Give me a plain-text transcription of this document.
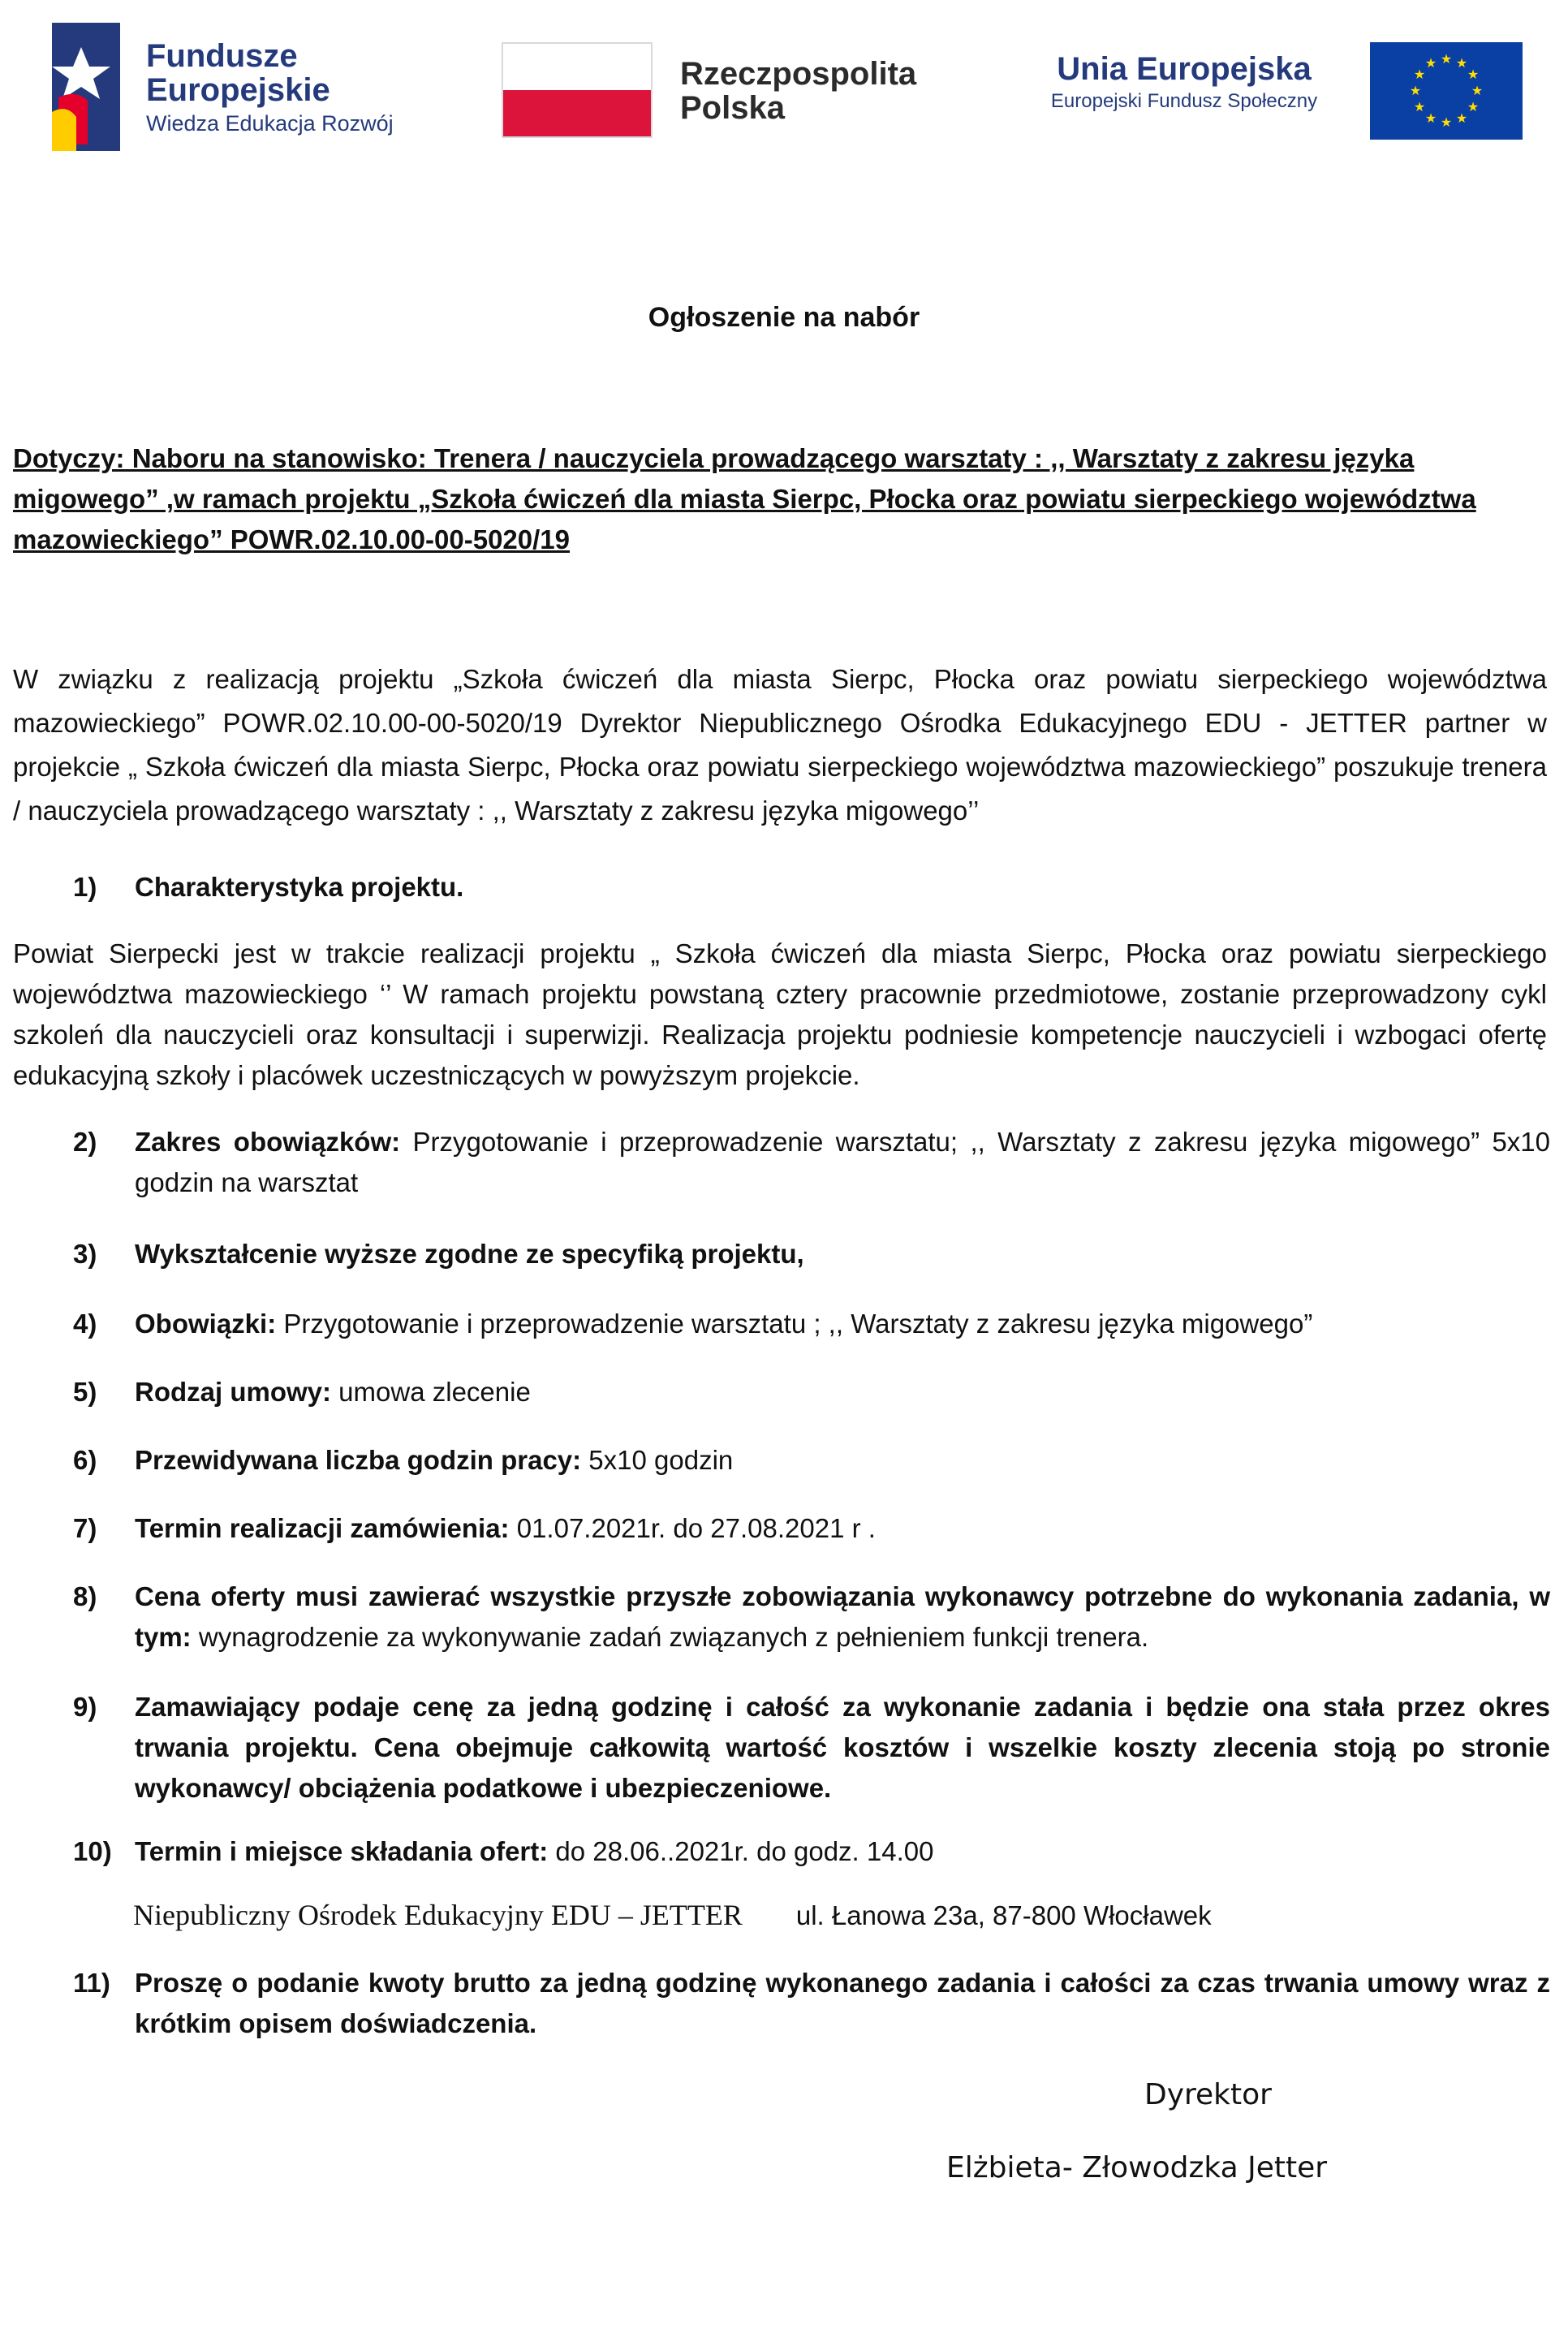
Fundusze
Europejskie
Wiedza Edukacja Rozwój
Rzeczpospolita
Polska
Unia Europejska
Europejski Fundusz Społeczny
★ ★
★
★
★
★
★
★
★
★
★
★
Ogłoszenie na nabór
Dotyczy: Naboru na stanowisko: Trenera / nauczyciela prowadzącego warsztaty : ,, Warsztaty z zakresu języka migowego” ,w ramach projektu „Szkoła ćwiczeń dla miasta Sierpc, Płocka oraz powiatu sierpeckiego województwa mazowieckiego” POWR.02.10.00-00-5020/19
W związku z realizacją projektu „Szkoła ćwiczeń dla miasta Sierpc, Płocka oraz powiatu sierpeckiego województwa mazowieckiego” POWR.02.10.00-00-5020/19 Dyrektor Niepublicznego Ośrodka Edukacyjnego EDU - JETTER partner w projekcie „ Szkoła ćwiczeń dla miasta Sierpc, Płocka oraz powiatu sierpeckiego województwa mazowieckiego” poszukuje trenera / nauczyciela prowadzącego warsztaty : ,, Warsztaty z zakresu języka migowego’’
1) Charakterystyka projektu.
Powiat Sierpecki jest w trakcie realizacji projektu „ Szkoła ćwiczeń dla miasta Sierpc, Płocka oraz powiatu sierpeckiego województwa mazowieckiego ‘’ W ramach projektu powstaną cztery pracownie przedmiotowe, zostanie przeprowadzony cykl szkoleń dla nauczycieli oraz konsultacji i superwizji. Realizacja projektu podniesie kompetencje nauczycieli i wzbogaci ofertę edukacyjną szkoły i placówek uczestniczących w powyższym projekcie.
2) Zakres obowiązków: Przygotowanie i przeprowadzenie warsztatu; ,, Warsztaty z zakresu języka migowego” 5x10 godzin na warsztat
3) Wykształcenie wyższe zgodne ze specyfiką projektu,
4) Obowiązki: Przygotowanie i przeprowadzenie warsztatu ; ,, Warsztaty z zakresu języka migowego”
5) Rodzaj umowy: umowa zlecenie
6) Przewidywana liczba godzin pracy: 5x10 godzin
7) Termin realizacji zamówienia: 01.07.2021r. do 27.08.2021 r .
8) Cena oferty musi zawierać wszystkie przyszłe zobowiązania wykonawcy potrzebne do wykonania zadania, w tym: wynagrodzenie za wykonywanie zadań związanych z pełnieniem funkcji trenera.
9) Zamawiający podaje cenę za jedną godzinę i całość za wykonanie zadania i będzie ona stała przez okres trwania projektu. Cena obejmuje całkowitą wartość kosztów i wszelkie koszty zlecenia stoją po stronie wykonawcy/ obciążenia podatkowe i ubezpieczeniowe.
10) Termin i miejsce składania ofert: do 28.06..2021r. do godz. 14.00
Niepubliczny Ośrodek Edukacyjny EDU – JETTER ul. Łanowa 23a, 87-800 Włocławek
11) Proszę o podanie kwoty brutto za jedną godzinę wykonanego zadania i całości za czas trwania umowy wraz z krótkim opisem doświadczenia.
Dyrektor
Elżbieta- Złowodzka Jetter
